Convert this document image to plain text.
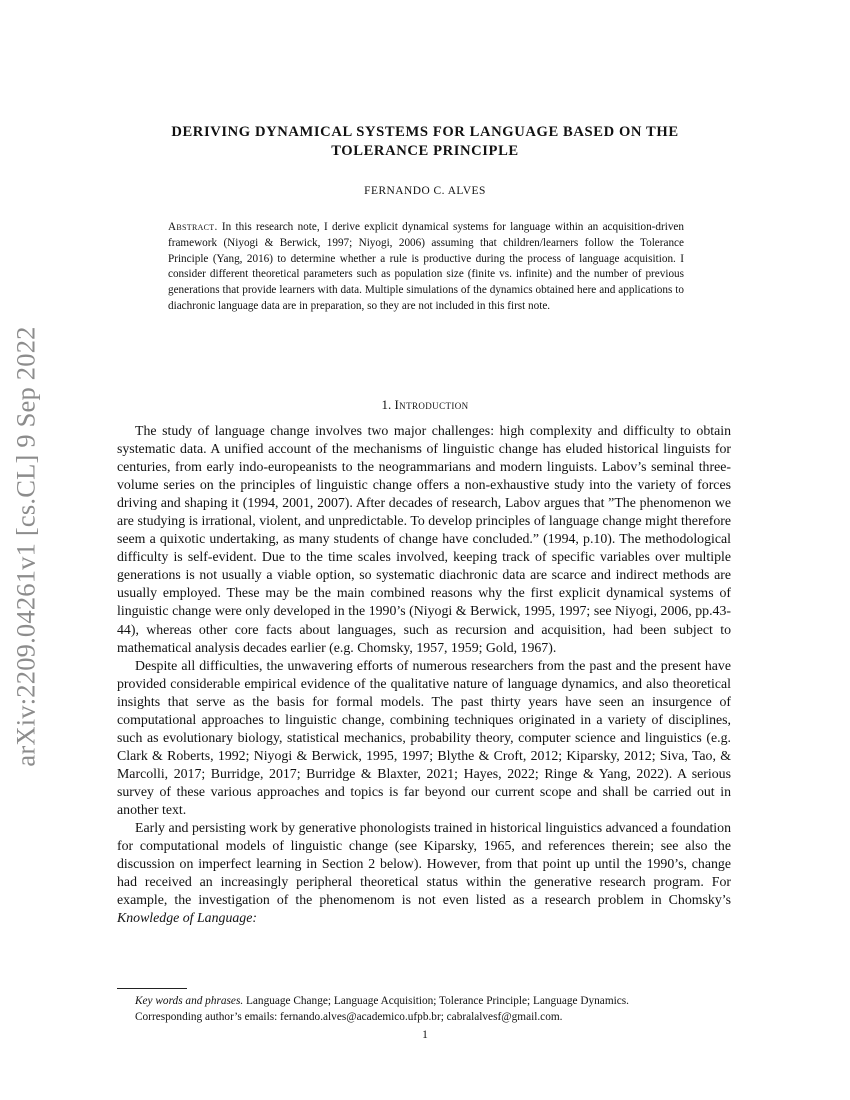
arXiv:2209.04261v1 [cs.CL] 9 Sep 2022
DERIVING DYNAMICAL SYSTEMS FOR LANGUAGE BASED ON THE
TOLERANCE PRINCIPLE
FERNANDO C. ALVES
Abstract. In this research note, I derive explicit dynamical systems for language within an acquisition-driven framework (Niyogi & Berwick, 1997; Niyogi, 2006) assuming that children/learners follow the Tolerance Principle (Yang, 2016) to determine whether a rule is productive during the process of language acquisition. I consider different theoretical parameters such as population size (finite vs. infinite) and the number of previous generations that provide learners with data. Multiple simulations of the dynamics obtained here and applications to diachronic language data are in preparation, so they are not included in this first note.
1. Introduction

The study of language change involves two major challenges: high complexity and difficulty to obtain systematic data. A unified account of the mechanisms of linguistic change has eluded historical linguists for centuries, from early indo-europeanists to the neogrammarians and modern linguists. Labov’s seminal three-volume series on the principles of linguistic change offers a non-exhaustive study into the variety of forces driving and shaping it (1994, 2001, 2007). After decades of research, Labov argues that ”The phenomenon we are studying is irrational, violent, and unpredictable. To develop principles of language change might therefore seem a quixotic undertaking, as many students of change have concluded.” (1994, p.10). The methodological difficulty is self-evident. Due to the time scales involved, keeping track of specific variables over multiple generations is not usually a viable option, so systematic diachronic data are scarce and indirect methods are usually employed. These may be the main combined reasons why the first explicit dynamical systems of linguistic change were only developed in the 1990’s (Niyogi & Berwick, 1995, 1997; see Niyogi, 2006, pp.43-44), whereas other core facts about languages, such as recursion and acquisition, had been subject to mathematical analysis decades earlier (e.g. Chomsky, 1957, 1959; Gold, 1967).

Despite all difficulties, the unwavering efforts of numerous researchers from the past and the present have provided considerable empirical evidence of the qualitative nature of language dynamics, and also theoretical insights that serve as the basis for formal models. The past thirty years have seen an insurgence of computational approaches to linguistic change, combining techniques originated in a variety of disciplines, such as evolutionary biology, statistical mechanics, probability theory, computer science and linguistics (e.g. Clark & Roberts, 1992; Niyogi & Berwick, 1995, 1997; Blythe & Croft, 2012; Kiparsky, 2012; Siva, Tao, & Marcolli, 2017; Burridge, 2017; Burridge & Blaxter, 2021; Hayes, 2022; Ringe & Yang, 2022). A serious survey of these various approaches and topics is far beyond our current scope and shall be carried out in another text.

Early and persisting work by generative phonologists trained in historical linguistics advanced a foundation for computational models of linguistic change (see Kiparsky, 1965, and references therein; see also the discussion on imperfect learning in Section 2 below). However, from that point up until the 1990’s, change had received an increasingly peripheral theoretical status within the generative research program. For example, the investigation of the phenomenom is not even listed as a research problem in Chomsky’s Knowledge of Language:

Key words and phrases. Language Change; Language Acquisition; Tolerance Principle; Language Dynamics.
Corresponding author’s emails: fernando.alves@academico.ufpb.br; cabralalvesf@gmail.com.
1
